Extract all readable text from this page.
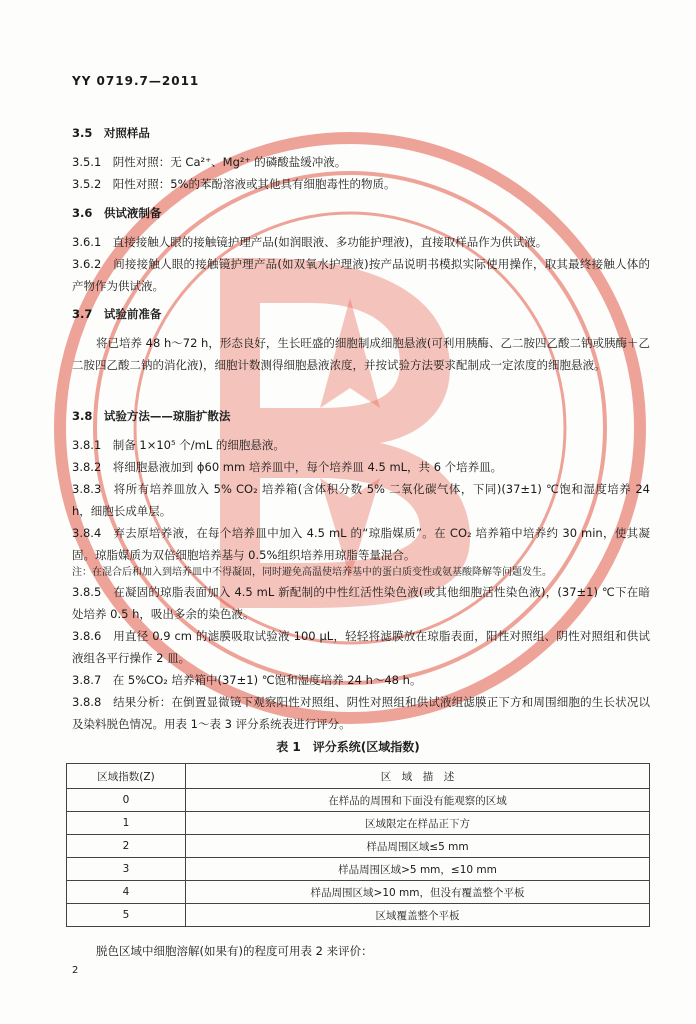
YY 0719.7—2011
3.5　对照样品
3.5.1　阴性对照：无 Ca²⁺、Mg²⁺ 的磷酸盐缓冲液。
3.5.2　阳性对照：5%的苯酚溶液或其他具有细胞毒性的物质。
3.6　供试液制备
3.6.1　直接接触人眼的接触镜护理产品(如润眼液、多功能护理液)，直接取样品作为供试液。
3.6.2　间接接触人眼的接触镜护理产品(如双氧水护理液)按产品说明书模拟实际使用操作，取其最终接触人体的产物作为供试液。
3.7　试验前准备
将已培养 48 h～72 h，形态良好，生长旺盛的细胞制成细胞悬液(可利用胰酶、乙二胺四乙酸二钠或胰酶＋乙二胺四乙酸二钠的消化液)，细胞计数测得细胞悬液浓度，并按试验方法要求配制成一定浓度的细胞悬液。
3.8　试验方法——琼脂扩散法
3.8.1　制备 1×10⁵ 个/mL 的细胞悬液。
3.8.2　将细胞悬液加到 ϕ60 mm 培养皿中，每个培养皿 4.5 mL，共 6 个培养皿。
3.8.3　将所有培养皿放入 5% CO₂ 培养箱(含体积分数 5% 二氧化碳气体，下同)(37±1) ℃饱和湿度培养 24 h，细胞长成单层。
3.8.4　弃去原培养液，在每个培养皿中加入 4.5 mL 的“琼脂媒质”。在 CO₂ 培养箱中培养约 30 min，使其凝固。琼脂媒质为双倍细胞培养基与 0.5%组织培养用琼脂等量混合。
注：在混合后和加入到培养皿中不得凝固，同时避免高温使培养基中的蛋白质变性或氨基酸降解等问题发生。
3.8.5　在凝固的琼脂表面加入 4.5 mL 新配制的中性红活性染色液(或其他细胞活性染色液)，(37±1) ℃下在暗处培养 0.5 h，吸出多余的染色液。
3.8.6　用直径 0.9 cm 的滤膜吸取试验液 100 μL，轻轻将滤膜放在琼脂表面，阳性对照组、阴性对照组和供试液组各平行操作 2 皿。
3.8.7　在 5%CO₂ 培养箱中(37±1) ℃饱和湿度培养 24 h～48 h。
3.8.8　结果分析：在倒置显微镜下观察阳性对照组、阴性对照组和供试液组滤膜正下方和周围细胞的生长状况以及染料脱色情况。用表 1～表 3 评分系统表进行评分。
表 1　评分系统(区域指数)
区域指数(Z)	区　域　描　述
0	在样品的周围和下面没有能观察的区域
1	区域限定在样品正下方
2	样品周围区域≤5 mm
3	样品周围区域>5 mm，≤10 mm
4	样品周围区域>10 mm，但没有覆盖整个平板
5	区域覆盖整个平板
脱色区域中细胞溶解(如果有)的程度可用表 2 来评价：
2
